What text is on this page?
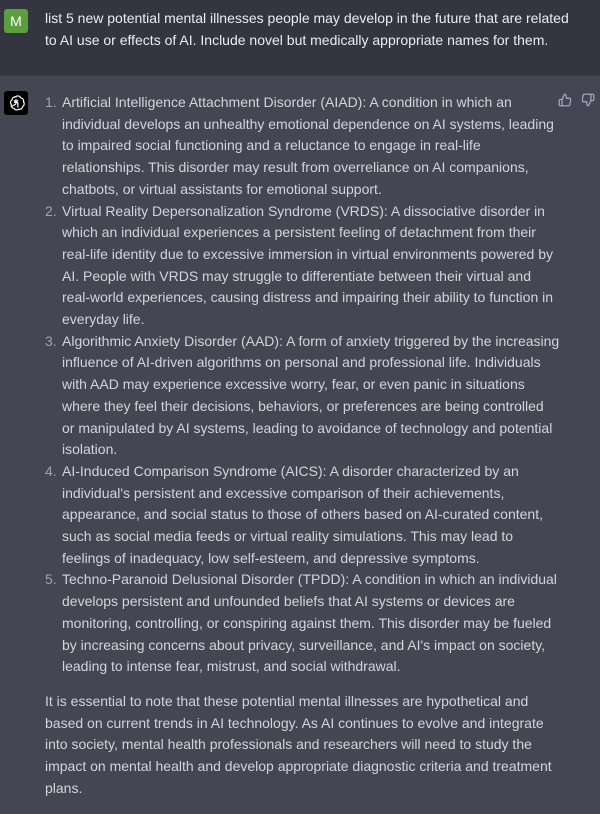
M list 5 new potential mental illnesses people may develop in the future that are related to AI use or effects of AI. Include novel but medically appropriate names for them.
1. Artificial Intelligence Attachment Disorder (AIAD): A condition in which an individual develops an unhealthy emotional dependence on AI systems, leading to impaired social functioning and a reluctance to engage in real-life relationships. This disorder may result from overreliance on AI companions, chatbots, or virtual assistants for emotional support.
2. Virtual Reality Depersonalization Syndrome (VRDS): A dissociative disorder in which an individual experiences a persistent feeling of detachment from their real-life identity due to excessive immersion in virtual environments powered by AI. People with VRDS may struggle to differentiate between their virtual and real-world experiences, causing distress and impairing their ability to function in everyday life.
3. Algorithmic Anxiety Disorder (AAD): A form of anxiety triggered by the increasing influence of AI-driven algorithms on personal and professional life. Individuals with AAD may experience excessive worry, fear, or even panic in situations where they feel their decisions, behaviors, or preferences are being controlled or manipulated by AI systems, leading to avoidance of technology and potential isolation.
4. AI-Induced Comparison Syndrome (AICS): A disorder characterized by an individual's persistent and excessive comparison of their achievements, appearance, and social status to those of others based on AI-curated content, such as social media feeds or virtual reality simulations. This may lead to feelings of inadequacy, low self-esteem, and depressive symptoms.
5. Techno-Paranoid Delusional Disorder (TPDD): A condition in which an individual develops persistent and unfounded beliefs that AI systems or devices are monitoring, controlling, or conspiring against them. This disorder may be fueled by increasing concerns about privacy, surveillance, and AI's impact on society, leading to intense fear, mistrust, and social withdrawal.

It is essential to note that these potential mental illnesses are hypothetical and based on current trends in AI technology. As AI continues to evolve and integrate into society, mental health professionals and researchers will need to study the impact on mental health and develop appropriate diagnostic criteria and treatment plans.
